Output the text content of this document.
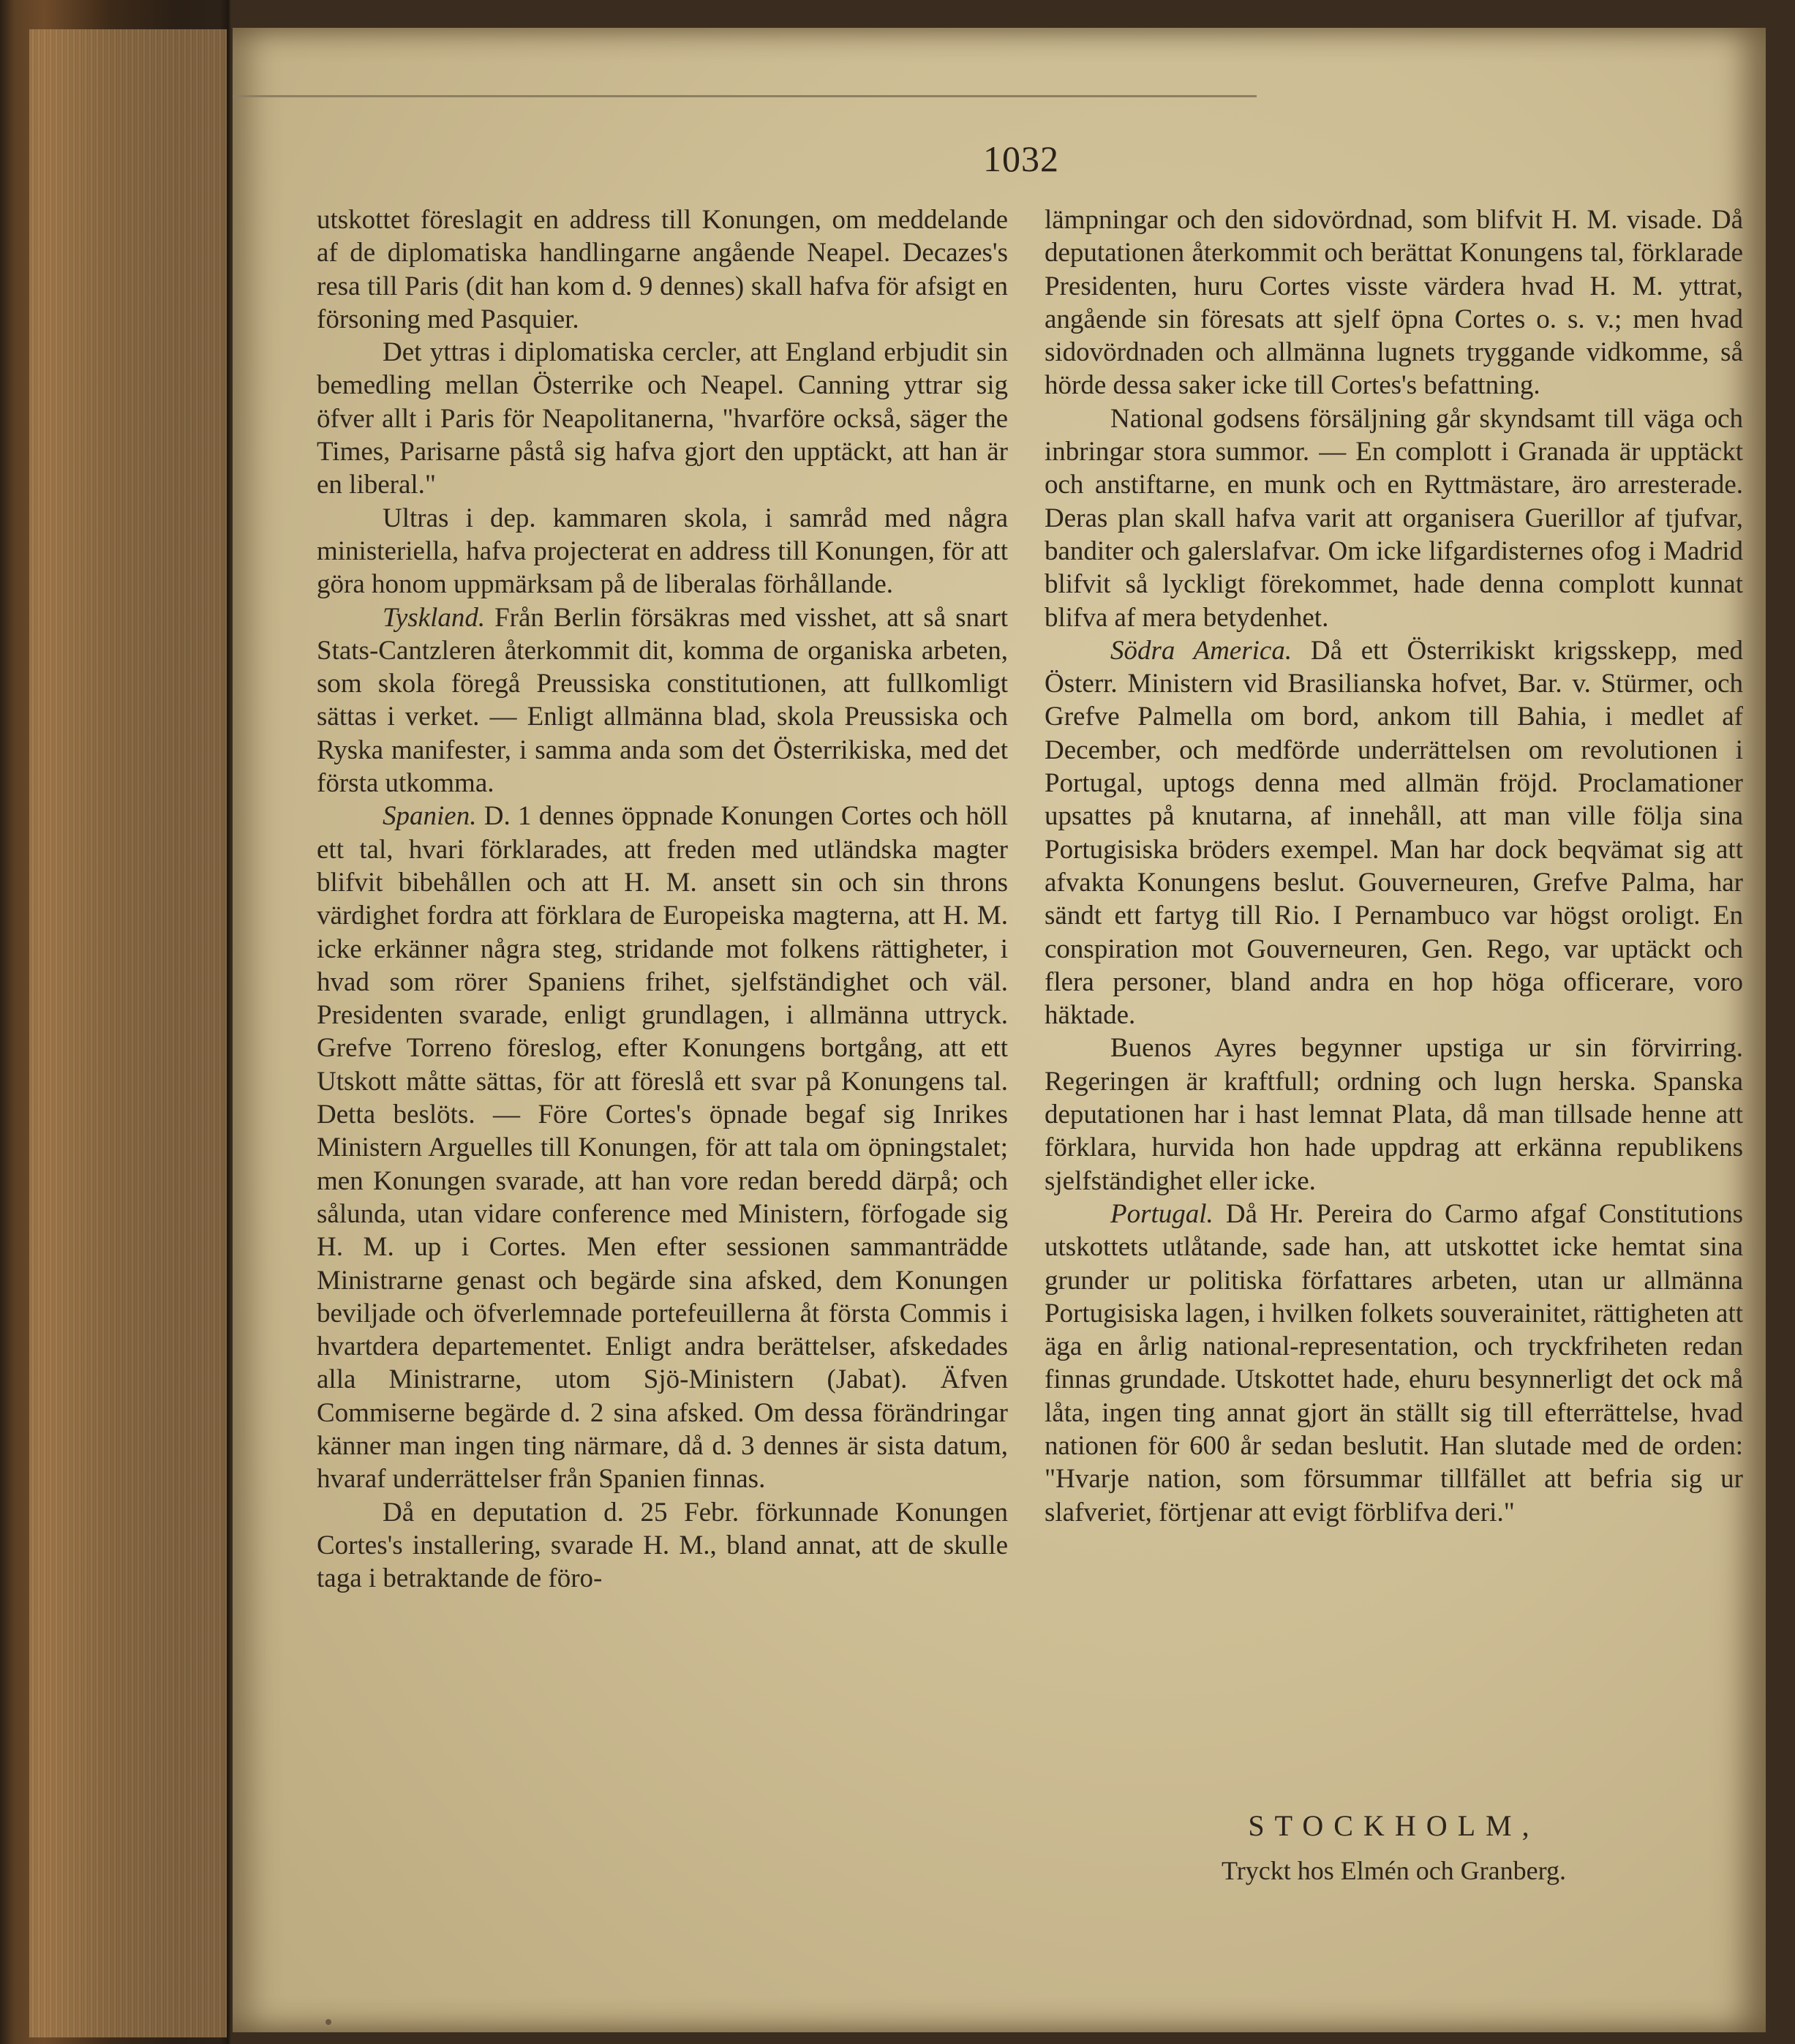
1032

utskottet föreslagit en address till Konungen, om meddelande af de diplomatiska handlingarne angående Neapel. Decazes's resa till Paris (dit han kom d. 9 dennes) skall hafva för afsigt en försoning med Pasquier.

Det yttras i diplomatiska cercler, att England erbjudit sin bemedling mellan Österrike och Neapel. Canning yttrar sig öfver allt i Paris för Neapolitanerna, "hvarföre också, säger the Times, Parisarne påstå sig hafva gjort den upptäckt, att han är en liberal."

Ultras i dep. kammaren skola, i samråd med några ministeriella, hafva projecterat en address till Konungen, för att göra honom uppmärksam på de liberalas förhållande.

Tyskland. Från Berlin försäkras med visshet, att så snart Stats-Cantzleren återkommit dit, komma de organiska arbeten, som skola föregå Preussiska constitutionen, att fullkomligt sättas i verket. — Enligt allmänna blad, skola Preussiska och Ryska manifester, i samma anda som det Österrikiska, med det första utkomma.

Spanien. D. 1 dennes öppnade Konungen Cortes och höll ett tal, hvari förklarades, att freden med utländska magter blifvit bibehållen och att H. M. ansett sin och sin throns värdighet fordra att förklara de Europeiska magterna, att H. M. icke erkänner några steg, stridande mot folkens rättigheter, i hvad som rörer Spaniens frihet, sjelfständighet och väl. Presidenten svarade, enligt grundlagen, i allmänna uttryck. Grefve Torreno föreslog, efter Konungens bortgång, att ett Utskott måtte sättas, för att föreslå ett svar på Konungens tal. Detta beslöts. — Före Cortes's öpnade begaf sig Inrikes Ministern Arguelles till Konungen, för att tala om öpningstalet; men Konungen svarade, att han vore redan beredd därpå; och sålunda, utan vidare conference med Ministern, förfogade sig H. M. up i Cortes. Men efter sessionen sammanträdde Ministrarne genast och begärde sina afsked, dem Konungen beviljade och öfverlemnade portefeuillerna åt första Commis i hvartdera departementet. Enligt andra berättelser, afskedades alla Ministrarne, utom Sjö-Ministern (Jabat). Äfven Commiserne begärde d. 2 sina afsked. Om dessa förändringar känner man ingen ting närmare, då d. 3 dennes är sista datum, hvaraf underrättelser från Spanien finnas.

Då en deputation d. 25 Febr. förkunnade Konungen Cortes's installering, svarade H. M., bland annat, att de skulle taga i betraktande de föro-

lämpningar och den sidovördnad, som blifvit H. M. visade. Då deputationen återkommit och berättat Konungens tal, förklarade Presidenten, huru Cortes visste värdera hvad H. M. yttrat, angående sin föresats att sjelf öpna Cortes o. s. v.; men hvad sidovördnaden och allmänna lugnets tryggande vidkomme, så hörde dessa saker icke till Cortes's befattning.

National godsens försäljning går skyndsamt till väga och inbringar stora summor. — En complott i Granada är upptäckt och anstiftarne, en munk och en Ryttmästare, äro arresterade. Deras plan skall hafva varit att organisera Guerillor af tjufvar, banditer och galerslafvar. Om icke lifgardisternes ofog i Madrid blifvit så lyckligt förekommet, hade denna complott kunnat blifva af mera betydenhet.

Södra America. Då ett Österrikiskt krigsskepp, med Österr. Ministern vid Brasilianska hofvet, Bar. v. Stürmer, och Grefve Palmella om bord, ankom till Bahia, i medlet af December, och medförde underrättelsen om revolutionen i Portugal, uptogs denna med allmän fröjd. Proclamationer upsattes på knutarna, af innehåll, att man ville följa sina Portugisiska bröders exempel. Man har dock beqvämat sig att afvakta Konungens beslut. Gouverneuren, Grefve Palma, har sändt ett fartyg till Rio. I Pernambuco var högst oroligt. En conspiration mot Gouverneuren, Gen. Rego, var uptäckt och flera personer, bland andra en hop höga officerare, voro häktade.

Buenos Ayres begynner upstiga ur sin förvirring. Regeringen är kraftfull; ordning och lugn herska. Spanska deputationen har i hast lemnat Plata, då man tillsade henne att förklara, hurvida hon hade uppdrag att erkänna republikens sjelfständighet eller icke.

Portugal. Då Hr. Pereira do Carmo afgaf Constitutions utskottets utlåtande, sade han, att utskottet icke hemtat sina grunder ur politiska författares arbeten, utan ur allmänna Portugisiska lagen, i hvilken folkets souverainitet, rättigheten att äga en årlig national-representation, och tryckfriheten redan finnas grundade. Utskottet hade, ehuru besynnerligt det ock må låta, ingen ting annat gjort än ställt sig till efterrättelse, hvad nationen för 600 år sedan beslutit. Han slutade med de orden: "Hvarje nation, som försummar tillfället att befria sig ur slafveriet, förtjenar att evigt förblifva deri."

STOCKHOLM,
Tryckt hos Elmén och Granberg.
